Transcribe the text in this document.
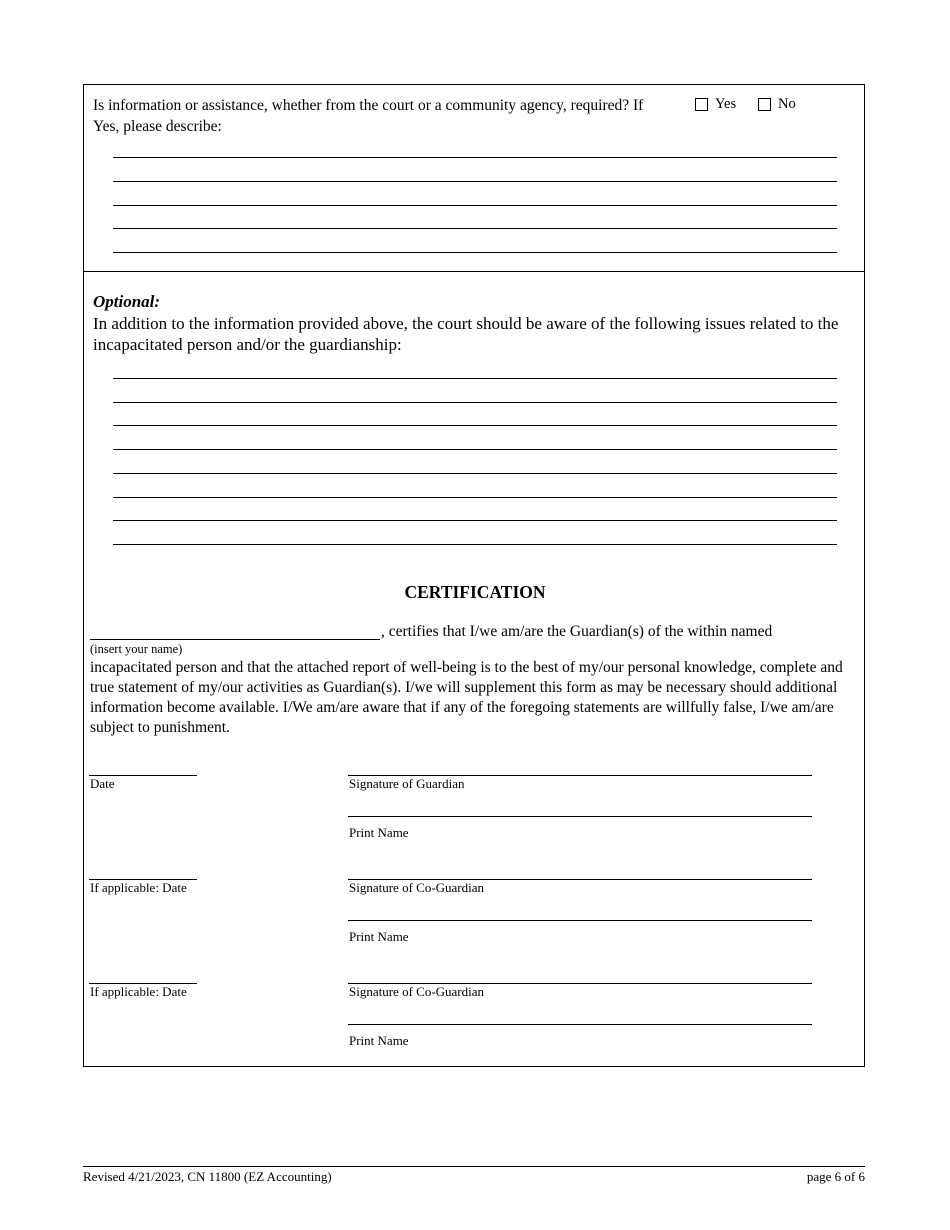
Is information or assistance, whether from the court or a community agency, required? If Yes, please describe:
Yes	No
Optional:
In addition to the information provided above, the court should be aware of the following issues related to the incapacitated person and/or the guardianship:
CERTIFICATION
, certifies that I/we am/are the Guardian(s) of the within named
(insert your name)
incapacitated person and that the attached report of well-being is to the best of my/our personal knowledge, complete and true statement of my/our activities as Guardian(s). I/we will supplement this form as may be necessary should additional information become available. I/We am/are aware that if any of the foregoing statements are willfully false, I/we am/are subject to punishment.
Date	Signature of Guardian
Print Name
If applicable: Date	Signature of Co-Guardian
Print Name
If applicable: Date	Signature of Co-Guardian
Print Name
Revised 4/21/2023, CN 11800 (EZ Accounting)	page 6 of 6
